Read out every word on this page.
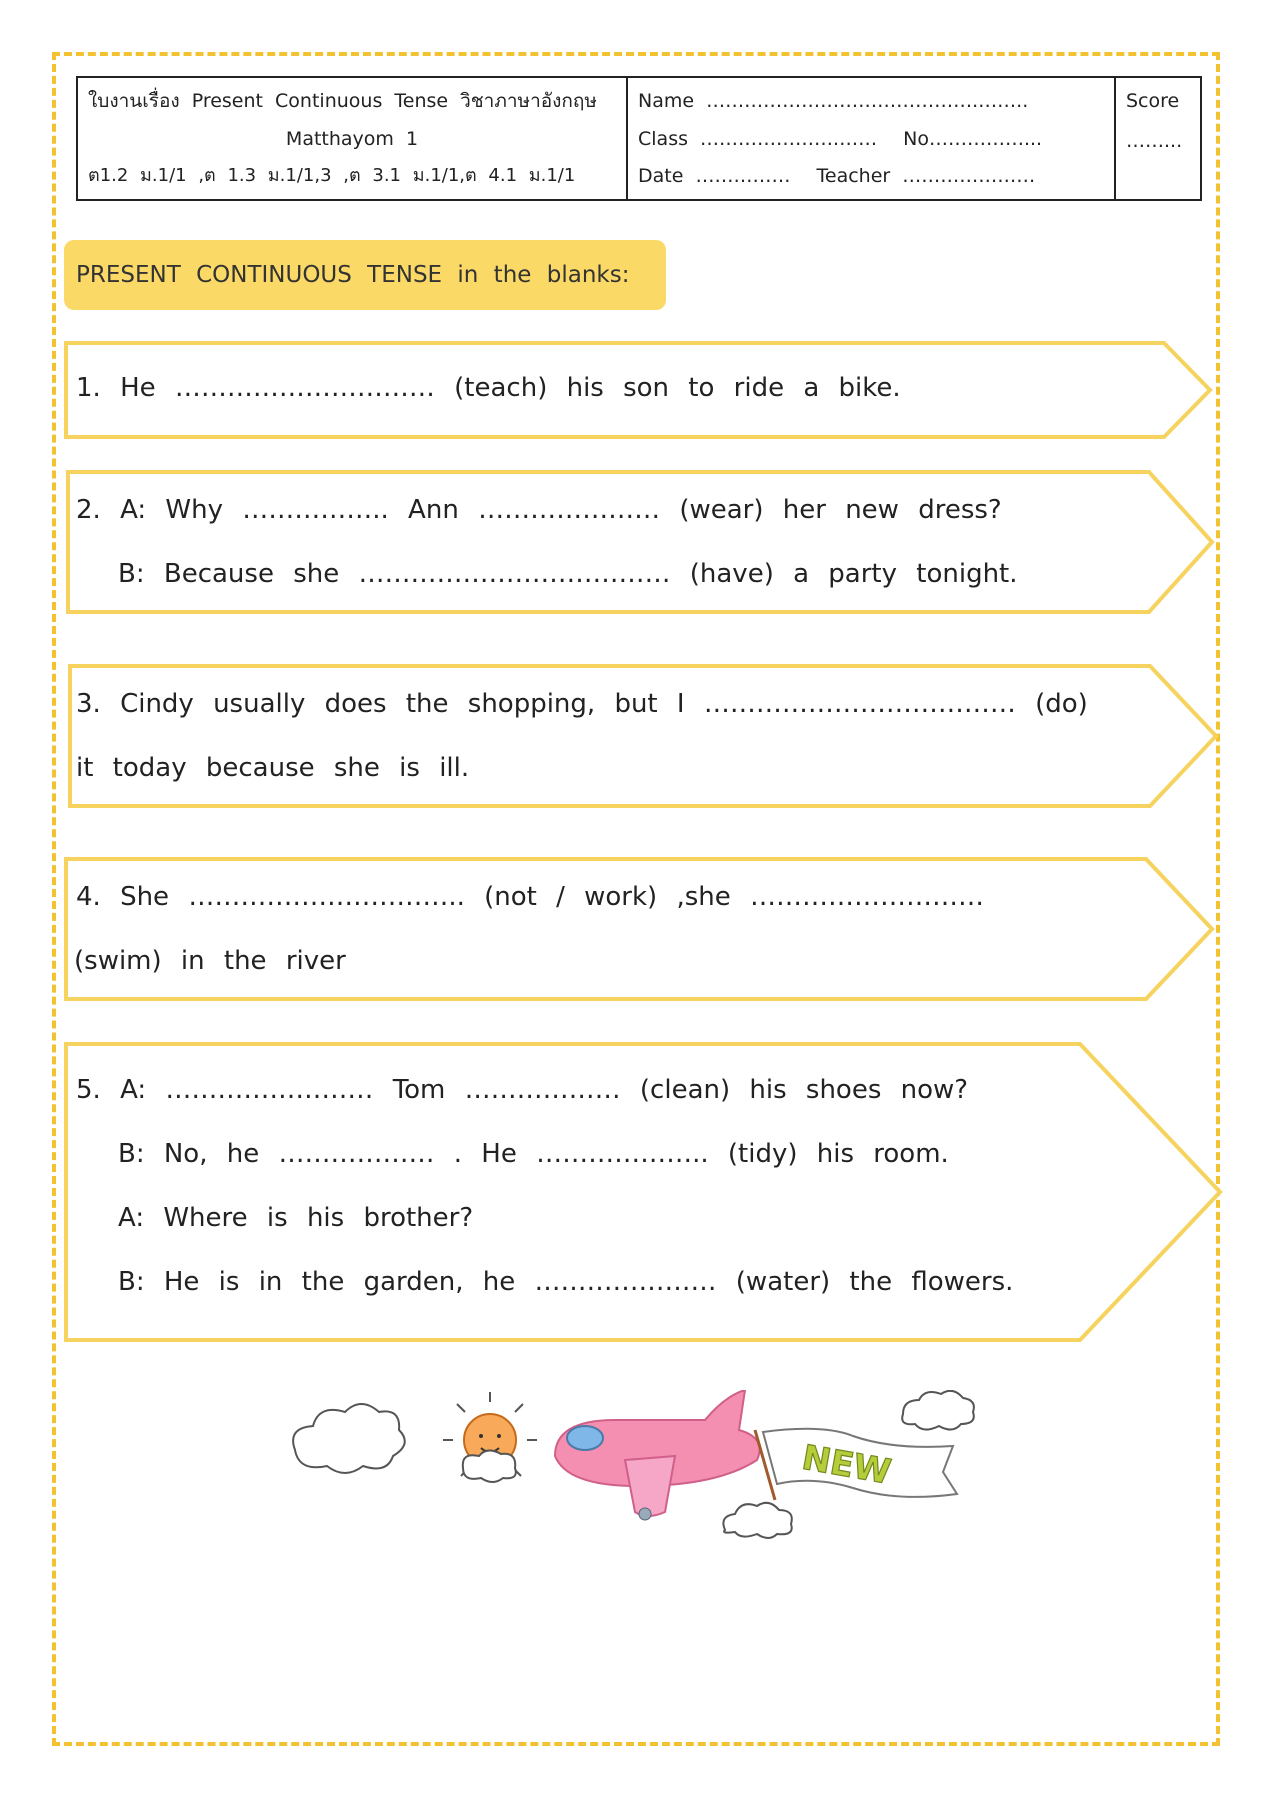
ใบงานเรื่อง Present Continuous Tense วิชาภาษาอังกฤษ
Matthayom 1
ต1.2 ม.1/1 ,ต 1.3 ม.1/1,3 ,ต 3.1 ม.1/1,ต 4.1 ม.1/1
Name …………………………………….……..
Class ………………….…… No……………...
Date …………… Teacher …………………
Score
……...
PRESENT CONTINUOUS TENSE in the blanks:
1. He ………………………… (teach) his son to ride a bike.
2. A: Why …………….. Ann ………………… (wear) her new dress?
B: Because she ……………………………… (have) a party tonight.
3. Cindy usually does the shopping, but I ……………………………… (do)
it today because she is ill.
4. She ………………………….. (not / work) ,she ………………………
(swim) in the river
5. A: …………………… Tom ……………… (clean) his shoes now?
B: No, he ……………… . He ……………….. (tidy) his room.
A: Where is his brother?
B: He is in the garden, he ………………… (water) the flowers.
NEW
